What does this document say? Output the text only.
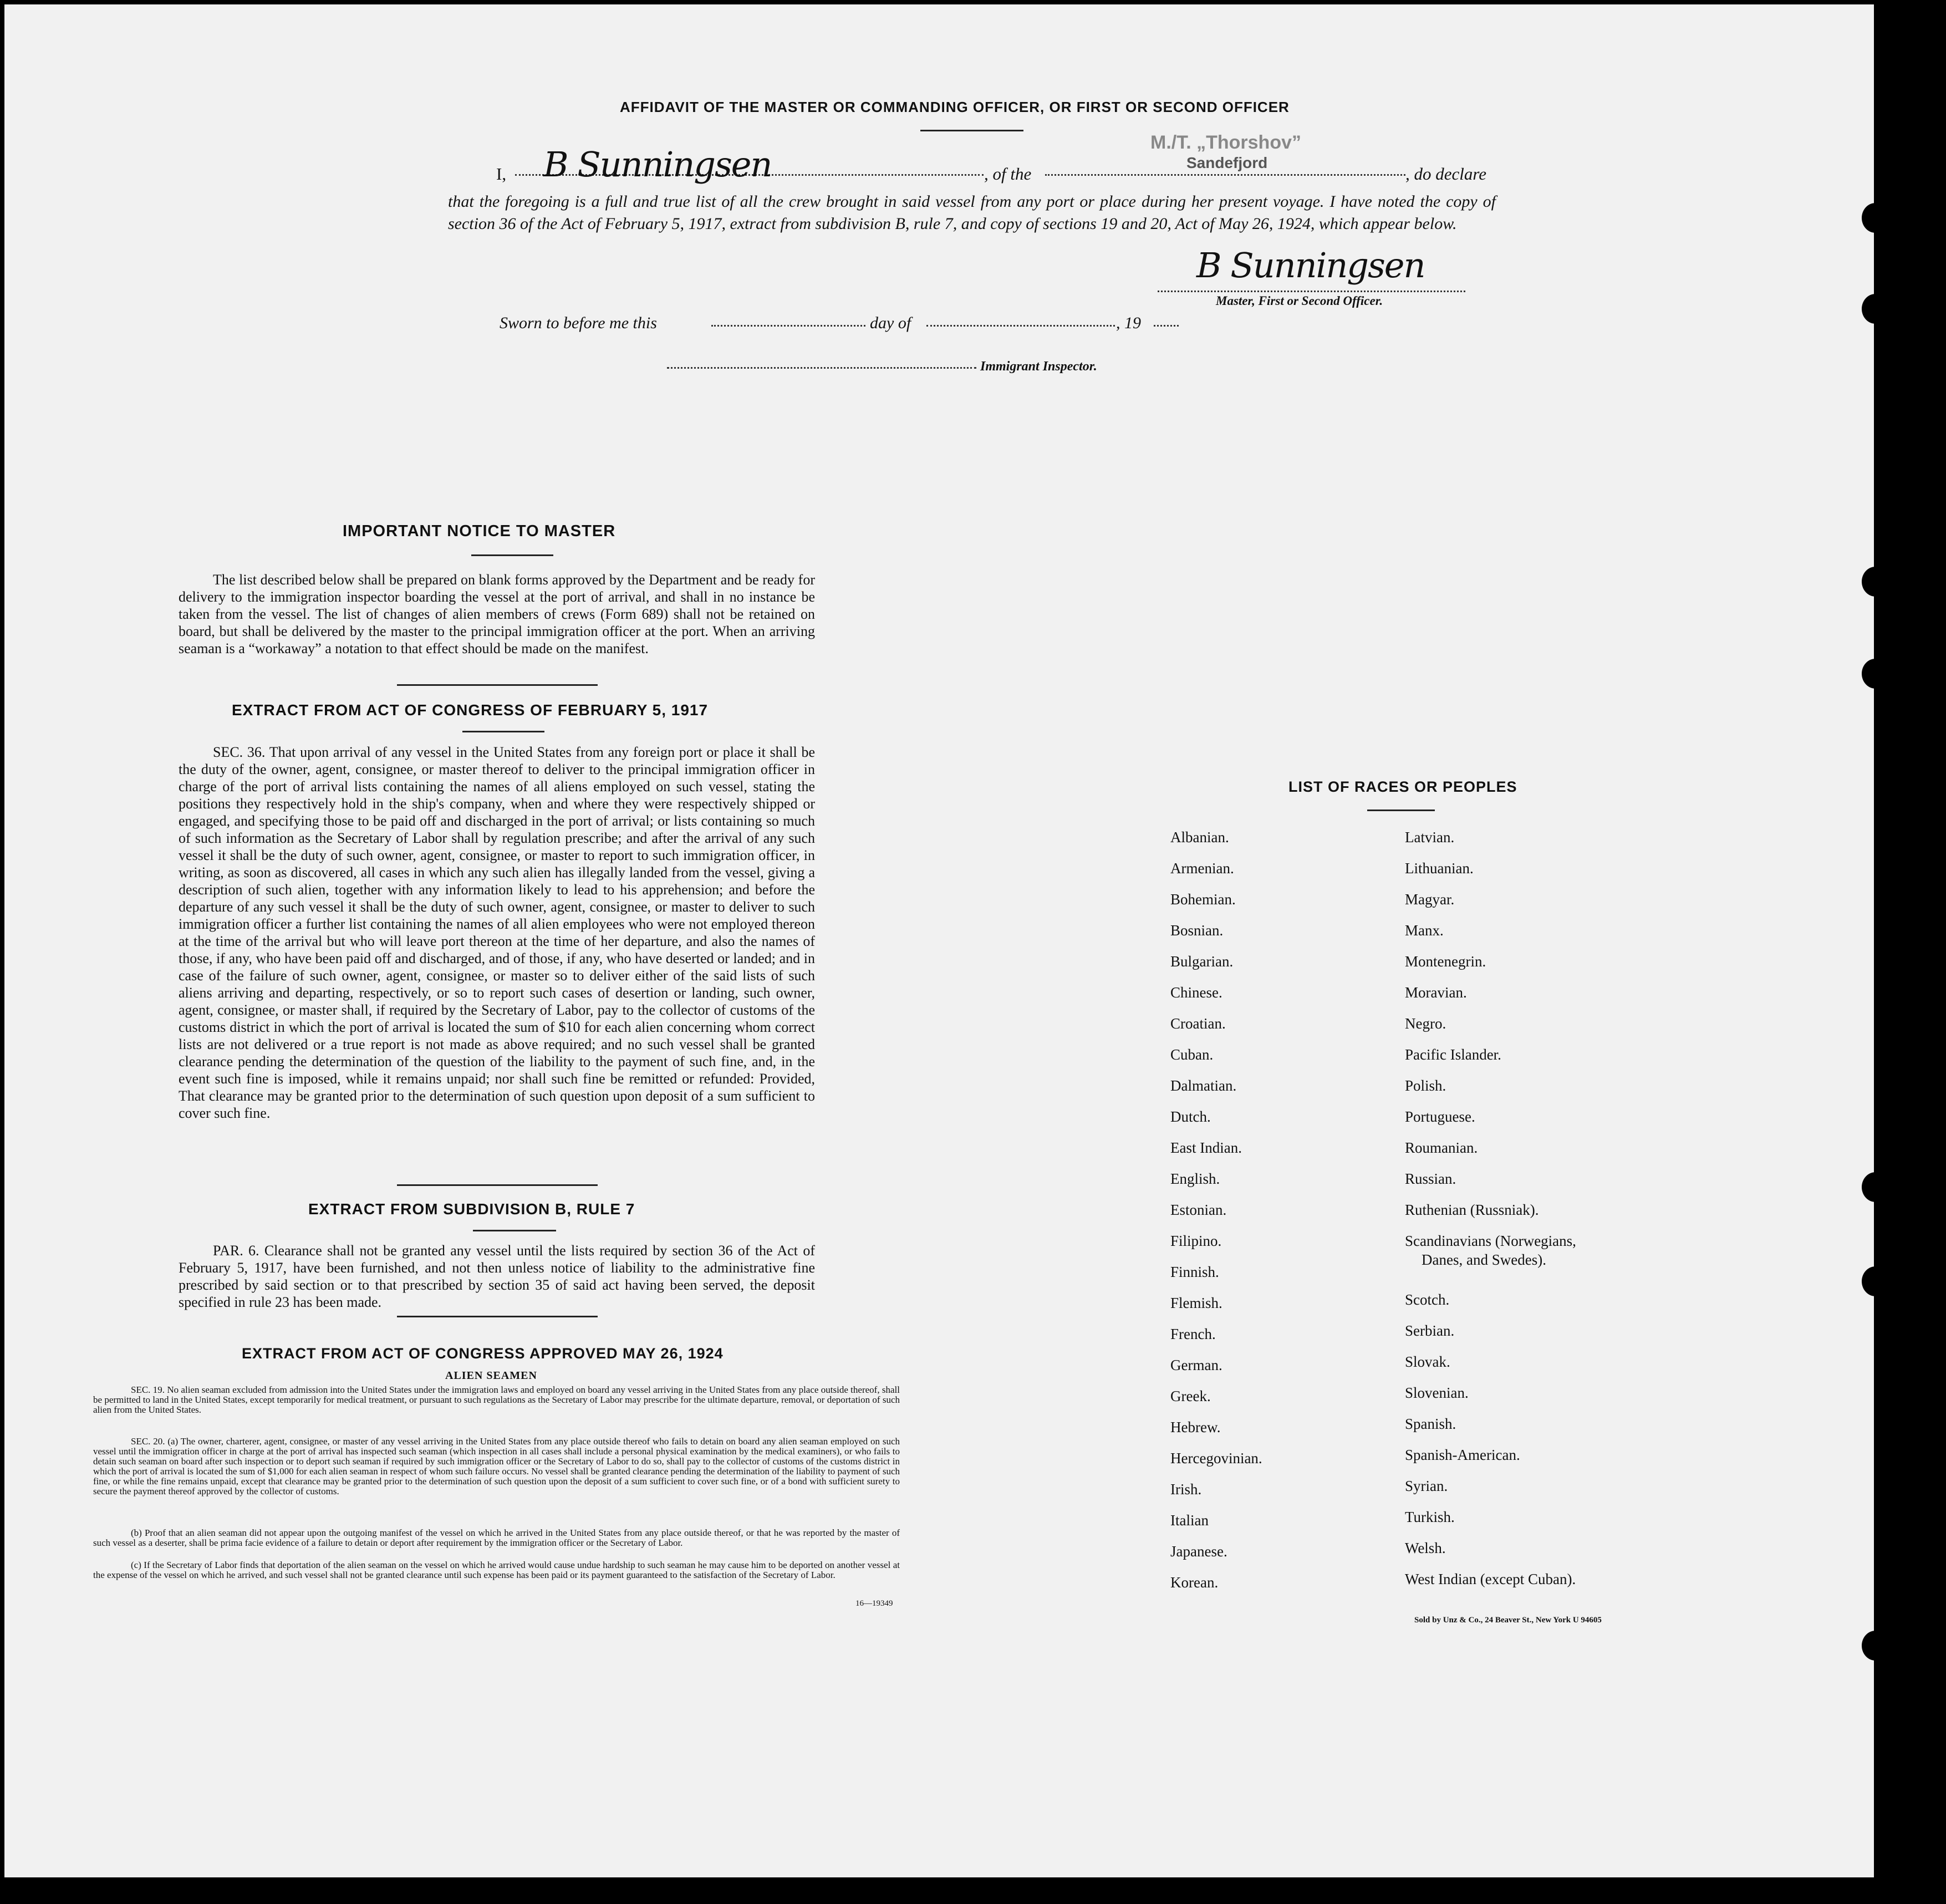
AFFIDAVIT OF THE MASTER OR COMMANDING OFFICER, OR FIRST OR SECOND OFFICER
I, B Sunningsen	, of the
M./T. „Thorshov”
Sandefjord
, do declare
that the foregoing is a full and true list of all the crew brought in said vessel from any port or place during her present voyage. I have noted the copy of section 36 of the Act of February 5, 1917, extract from subdivision B, rule 7, and copy of sections 19 and 20, Act of May 26, 1924, which appear below.
B Sunningsen
Master, First or Second Officer.
Sworn to before me this	day of	, 19
Immigrant Inspector.
IMPORTANT NOTICE TO MASTER
The list described below shall be prepared on blank forms approved by the Department and be ready for delivery to the immigration inspector boarding the vessel at the port of arrival, and shall in no instance be taken from the vessel. The list of changes of alien members of crews (Form 689) shall not be retained on board, but shall be delivered by the master to the principal immigration officer at the port. When an arriving seaman is a “workaway” a notation to that effect should be made on the manifest.
EXTRACT FROM ACT OF CONGRESS OF FEBRUARY 5, 1917
SEC. 36. That upon arrival of any vessel in the United States from any foreign port or place it shall be the duty of the owner, agent, consignee, or master thereof to deliver to the principal immigration officer in charge of the port of arrival lists containing the names of all aliens employed on such vessel, stating the positions they respectively hold in the ship's company, when and where they were respectively shipped or engaged, and specifying those to be paid off and discharged in the port of arrival; or lists containing so much of such information as the Secretary of Labor shall by regulation prescribe; and after the arrival of any such vessel it shall be the duty of such owner, agent, consignee, or master to report to such immigration officer, in writing, as soon as discovered, all cases in which any such alien has illegally landed from the vessel, giving a description of such alien, together with any information likely to lead to his apprehension; and before the departure of any such vessel it shall be the duty of such owner, agent, consignee, or master to deliver to such immigration officer a further list containing the names of all alien employees who were not employed thereon at the time of the arrival but who will leave port thereon at the time of her departure, and also the names of those, if any, who have been paid off and discharged, and of those, if any, who have deserted or landed; and in case of the failure of such owner, agent, consignee, or master so to deliver either of the said lists of such aliens arriving and departing, respectively, or so to report such cases of desertion or landing, such owner, agent, consignee, or master shall, if required by the Secretary of Labor, pay to the collector of customs of the customs district in which the port of arrival is located the sum of $10 for each alien concerning whom correct lists are not delivered or a true report is not made as above required; and no such vessel shall be granted clearance pending the determination of the question of the liability to the payment of such fine, and, in the event such fine is imposed, while it remains unpaid; nor shall such fine be remitted or refunded: Provided, That clearance may be granted prior to the determination of such question upon deposit of a sum sufficient to cover such fine.
EXTRACT FROM SUBDIVISION B, RULE 7
PAR. 6. Clearance shall not be granted any vessel until the lists required by section 36 of the Act of February 5, 1917, have been furnished, and not then unless notice of liability to the administrative fine prescribed by said section or to that prescribed by section 35 of said act having been served, the deposit specified in rule 23 has been made.
EXTRACT FROM ACT OF CONGRESS APPROVED MAY 26, 1924
ALIEN SEAMEN
SEC. 19. No alien seaman excluded from admission into the United States under the immigration laws and employed on board any vessel arriving in the United States from any place outside thereof, shall be permitted to land in the United States, except temporarily for medical treatment, or pursuant to such regulations as the Secretary of Labor may prescribe for the ultimate departure, removal, or deportation of such alien from the United States.
SEC. 20. (a) The owner, charterer, agent, consignee, or master of any vessel arriving in the United States from any place outside thereof who fails to detain on board any alien seaman employed on such vessel until the immigration officer in charge at the port of arrival has inspected such seaman (which inspection in all cases shall include a personal physical examination by the medical examiners), or who fails to detain such seaman on board after such inspection or to deport such seaman if required by such immigration officer or the Secretary of Labor to do so, shall pay to the collector of customs of the customs district in which the port of arrival is located the sum of $1,000 for each alien seaman in respect of whom such failure occurs. No vessel shall be granted clearance pending the determination of the liability to payment of such fine, or while the fine remains unpaid, except that clearance may be granted prior to the determination of such question upon the deposit of a sum sufficient to cover such fine, or of a bond with sufficient surety to secure the payment thereof approved by the collector of customs.
(b) Proof that an alien seaman did not appear upon the outgoing manifest of the vessel on which he arrived in the United States from any place outside thereof, or that he was reported by the master of such vessel as a deserter, shall be prima facie evidence of a failure to detain or deport after requirement by the immigration officer or the Secretary of Labor.
(c) If the Secretary of Labor finds that deportation of the alien seaman on the vessel on which he arrived would cause undue hardship to such seaman he may cause him to be deported on another vessel at the expense of the vessel on which he arrived, and such vessel shall not be granted clearance until such expense has been paid or its payment guaranteed to the satisfaction of the Secretary of Labor.
16—19349
LIST OF RACES OR PEOPLES
Albanian.
Armenian.
Bohemian.
Bosnian.
Bulgarian.
Chinese.
Croatian.
Cuban.
Dalmatian.
Dutch.
East Indian.
English.
Estonian.
Filipino.
Finnish.
Flemish.
French.
German.
Greek.
Hebrew.
Hercegovinian.
Irish.
Italian
Japanese.
Korean.
Latvian.
Lithuanian.
Magyar.
Manx.
Montenegrin.
Moravian.
Negro.
Pacific Islander.
Polish.
Portuguese.
Roumanian.
Russian.
Ruthenian (Russniak).
Scandinavians (Norwegians,
Danes, and Swedes).
Scotch.
Serbian.
Slovak.
Slovenian.
Spanish.
Spanish-American.
Syrian.
Turkish.
Welsh.
West Indian (except Cuban).
Sold by Unz & Co., 24 Beaver St., New York U 94605
